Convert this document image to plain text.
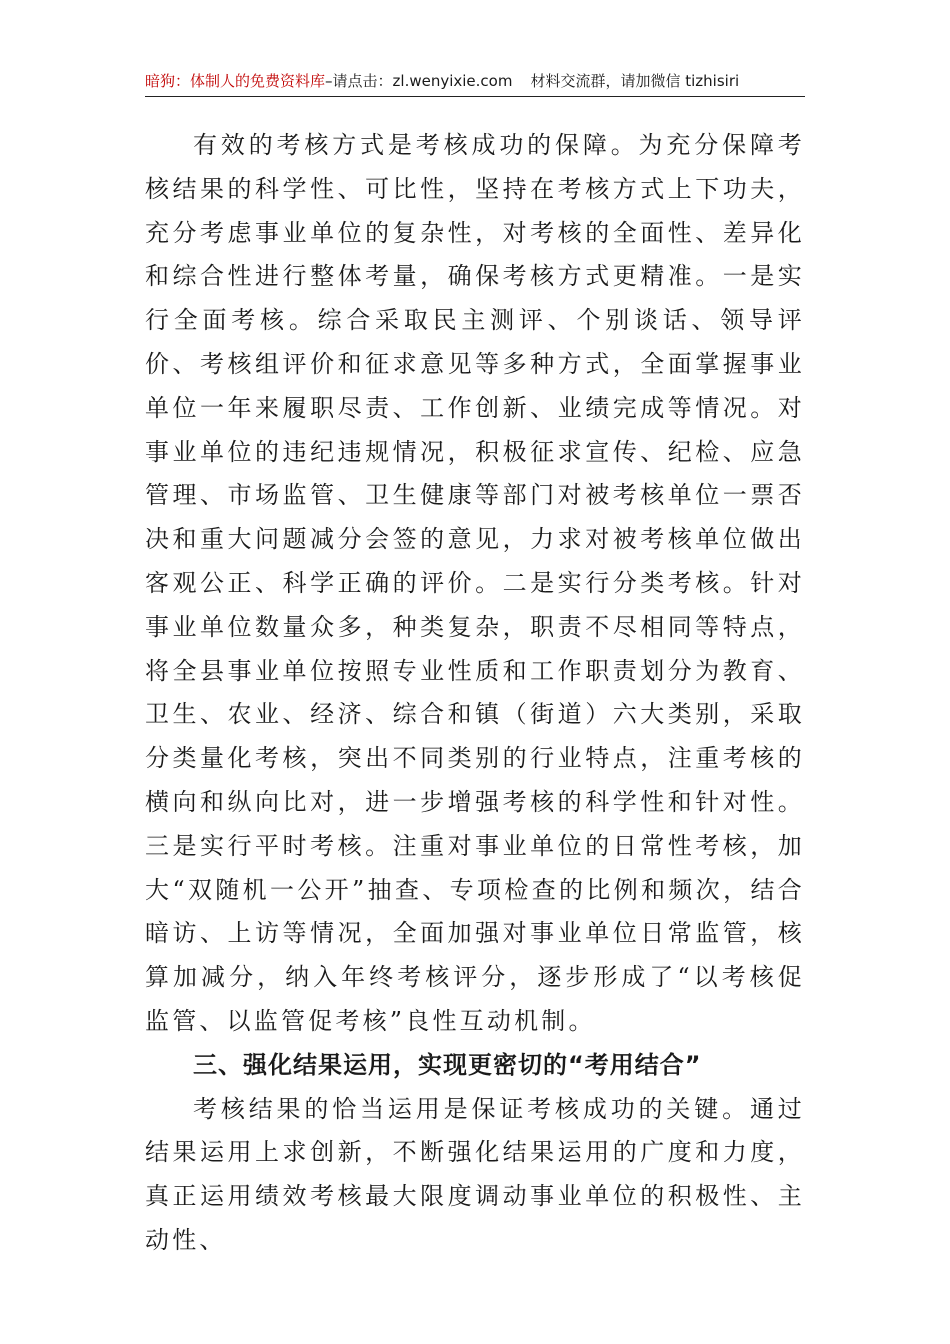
暗狗：体制人的免费资料库–请点击：zl.wenyixie.com 材料交流群，请加微信 tizhisiri

有效的考核方式是考核成功的保障。为充分保障考核结果的科学性、可比性，坚持在考核方式上下功夫，充分考虑事业单位的复杂性，对考核的全面性、差异化和综合性进行整体考量，确保考核方式更精准。一是实行全面考核。综合采取民主测评、个别谈话、领导评价、考核组评价和征求意见等多种方式，全面掌握事业单位一年来履职尽责、工作创新、业绩完成等情况。对事业单位的违纪违规情况，积极征求宣传、纪检、应急管理、市场监管、卫生健康等部门对被考核单位一票否决和重大问题减分会签的意见，力求对被考核单位做出客观公正、科学正确的评价。二是实行分类考核。针对事业单位数量众多，种类复杂，职责不尽相同等特点，将全县事业单位按照专业性质和工作职责划分为教育、卫生、农业、经济、综合和镇（街道）六大类别，采取分类量化考核，突出不同类别的行业特点，注重考核的横向和纵向比对，进一步增强考核的科学性和针对性。三是实行平时考核。注重对事业单位的日常性考核，加大“双随机一公开”抽查、专项检查的比例和频次，结合暗访、上访等情况，全面加强对事业单位日常监管，核算加减分，纳入年终考核评分，逐步形成了“以考核促监管、以监管促考核”良性互动机制。

三、强化结果运用，实现更密切的“考用结合”

考核结果的恰当运用是保证考核成功的关键。通过结果运用上求创新，不断强化结果运用的广度和力度，真正运用绩效考核最大限度调动事业单位的积极性、主动性、
